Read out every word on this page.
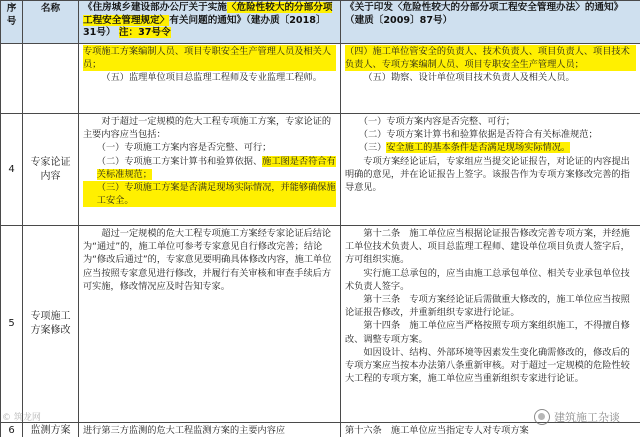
序号	名称	《住房城乡建设部办公厅关于实施〈危险性较大的分部分项工程安全管理规定〉有关问题的通知》（建办质〔2018〕31号） 注：37号令	《关于印发〈危险性较大的分部分项工程安全管理办法〉的通知》（建质〔2009〕87号）

		专项施工方案编制人员、项目专职安全生产管理人员及相关人员；
（五）监理单位项目总监理工程师及专业监理工程师。	（四）施工单位管安全的负责人、技术负责人、项目负责人、项目技术负责人、专项方案编制人员、项目专职安全生产管理人员；
（五）勘察、设计单位项目技术负责人及相关人员。

4	专家论证内容	对于超过一定规模的危大工程专项施工方案，专家论证的主要内容应当包括：
（一）专项施工方案内容是否完整、可行；
（二）专项施工方案计算书和验算依据、施工图是否符合有关标准规范；
（三）专项施工方案是否满足现场实际情况，并能够确保施工安全。	（一）专项方案内容是否完整、可行；
（二）专项方案计算书和验算依据是否符合有关标准规范；
（三）安全施工的基本条件是否满足现场实际情况。
专项方案经论证后，专家组应当提交论证报告，对论证的内容提出明确的意见，并在论证报告上签字。该报告作为专项方案修改完善的指导意见。

5	专项施工方案修改	超过一定规模的危大工程专项施工方案经专家论证后结论为“通过”的，施工单位可参考专家意见自行修改完善；结论为“修改后通过”的，专家意见要明确具体修改内容，施工单位应当按照专家意见进行修改，并履行有关审核和审查手续后方可实施，修改情况应及时告知专家。	第十二条　施工单位应当根据论证报告修改完善专项方案，并经施工单位技术负责人、项目总监理工程师、建设单位项目负责人签字后，方可组织实施。
实行施工总承包的，应当由施工总承包单位、相关专业承包单位技术负责人签字。
第十三条　专项方案经论证后需做重大修改的，施工单位应当按照论证报告修改，并重新组织专家进行论证。
第十四条　施工单位应当严格按照专项方案组织施工，不得擅自修改、调整专项方案。
如因设计、结构、外部环境等因素发生变化确需修改的，修改后的专项方案应当按本办法第八条重新审核。对于超过一定规模的危险性较大工程的专项方案，施工单位应当重新组织专家进行论证。

6	监测方案	进行第三方监测的危大工程监测方案的主要内容应	第十六条　施工单位应当指定专人对专项方案
© 筑龙网	建筑施工杂谈
